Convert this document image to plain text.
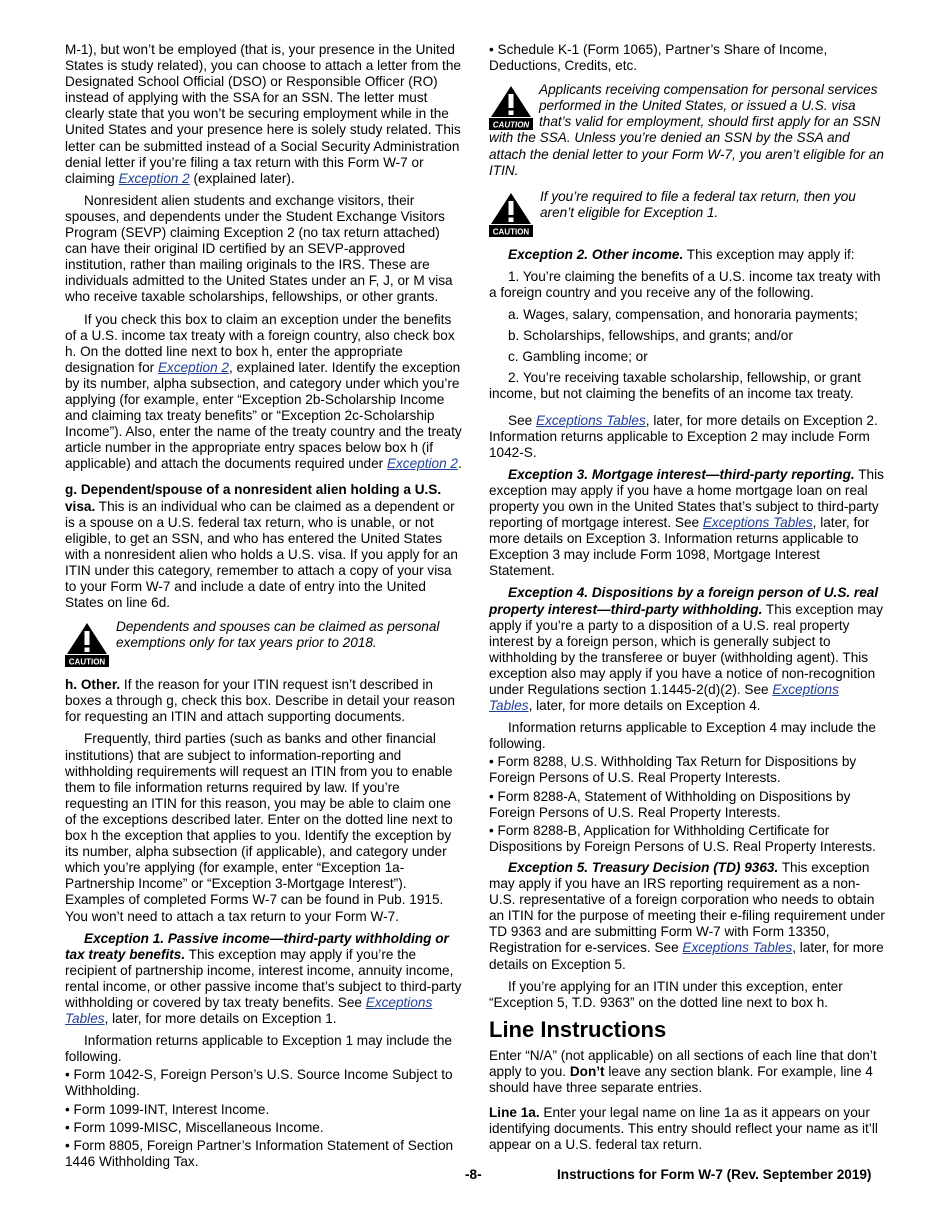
M-1), but won’t be employed (that is, your presence in the United States is study related), you can choose to attach a letter from the Designated School Official (DSO) or Responsible Officer (RO) instead of applying with the SSA for an SSN. The letter must clearly state that you won’t be securing employment while in the United States and your presence here is solely study related. This letter can be submitted instead of a Social Security Administration denial letter if you’re filing a tax return with this Form W-7 or claiming Exception 2 (explained later).

Nonresident alien students and exchange visitors, their spouses, and dependents under the Student Exchange Visitors Program (SEVP) claiming Exception 2 (no tax return attached) can have their original ID certified by an SEVP-approved institution, rather than mailing originals to the IRS. These are individuals admitted to the United States under an F, J, or M visa who receive taxable scholarships, fellowships, or other grants.

If you check this box to claim an exception under the benefits of a U.S. income tax treaty with a foreign country, also check box h. On the dotted line next to box h, enter the appropriate designation for Exception 2, explained later. Identify the exception by its number, alpha subsection, and category under which you’re applying (for example, enter “Exception 2b-Scholarship Income and claiming tax treaty benefits” or “Exception 2c-Scholarship Income”). Also, enter the name of the treaty country and the treaty article number in the appropriate entry spaces below box h (if applicable) and attach the documents required under Exception 2.

g. Dependent/spouse of a nonresident alien holding a U.S. visa. This is an individual who can be claimed as a dependent or is a spouse on a U.S. federal tax return, who is unable, or not eligible, to get an SSN, and who has entered the United States with a nonresident alien who holds a U.S. visa. If you apply for an ITIN under this category, remember to attach a copy of your visa to your Form W-7 and include a date of entry into the United States on line 6d.

CAUTION
Dependents and spouses can be claimed as personal exemptions only for tax years prior to 2018.

h. Other. If the reason for your ITIN request isn’t described in boxes a through g, check this box. Describe in detail your reason for requesting an ITIN and attach supporting documents.

Frequently, third parties (such as banks and other financial institutions) that are subject to information-reporting and withholding requirements will request an ITIN from you to enable them to file information returns required by law. If you’re requesting an ITIN for this reason, you may be able to claim one of the exceptions described later. Enter on the dotted line next to box h the exception that applies to you. Identify the exception by its number, alpha subsection (if applicable), and category under which you’re applying (for example, enter “Exception 1a-Partnership Income” or “Exception 3-Mortgage Interest”). Examples of completed Forms W-7 can be found in Pub. 1915. You won’t need to attach a tax return to your Form W-7.

Exception 1. Passive income—third-party withholding or tax treaty benefits. This exception may apply if you’re the recipient of partnership income, interest income, annuity income, rental income, or other passive income that’s subject to third-party withholding or covered by tax treaty benefits. See Exceptions Tables, later, for more details on Exception 1.

Information returns applicable to Exception 1 may include the following.

• Form 1042-S, Foreign Person’s U.S. Source Income Subject to Withholding.

• Form 1099-INT, Interest Income.

• Form 1099-MISC, Miscellaneous Income.

• Form 8805, Foreign Partner’s Information Statement of Section 1446 Withholding Tax.

• Schedule K-1 (Form 1065), Partner’s Share of Income, Deductions, Credits, etc.

CAUTION
Applicants receiving compensation for personal services performed in the United States, or issued a U.S. visa that’s valid for employment, should first apply for an SSN with the SSA. Unless you’re denied an SSN by the SSA and attach the denial letter to your Form W-7, you aren’t eligible for an ITIN.
CAUTION
If you’re required to file a federal tax return, then you aren’t eligible for Exception 1.

Exception 2. Other income. This exception may apply if:

1. You’re claiming the benefits of a U.S. income tax treaty with a foreign country and you receive any of the following.

a. Wages, salary, compensation, and honoraria payments;

b. Scholarships, fellowships, and grants; and/or

c. Gambling income; or

2. You’re receiving taxable scholarship, fellowship, or grant income, but not claiming the benefits of an income tax treaty.

See Exceptions Tables, later, for more details on Exception 2. Information returns applicable to Exception 2 may include Form 1042-S.

Exception 3. Mortgage interest—third-party reporting. This exception may apply if you have a home mortgage loan on real property you own in the United States that’s subject to third-party reporting of mortgage interest. See Exceptions Tables, later, for more details on Exception 3. Information returns applicable to Exception 3 may include Form 1098, Mortgage Interest Statement.

Exception 4. Dispositions by a foreign person of U.S. real property interest—third-party withholding. This exception may apply if you’re a party to a disposition of a U.S. real property interest by a foreign person, which is generally subject to withholding by the transferee or buyer (withholding agent). This exception also may apply if you have a notice of non-recognition under Regulations section 1.1445-2(d)(2). See Exceptions Tables, later, for more details on Exception 4.

Information returns applicable to Exception 4 may include the following.

• Form 8288, U.S. Withholding Tax Return for Dispositions by Foreign Persons of U.S. Real Property Interests.

• Form 8288-A, Statement of Withholding on Dispositions by Foreign Persons of U.S. Real Property Interests.

• Form 8288-B, Application for Withholding Certificate for Dispositions by Foreign Persons of U.S. Real Property Interests.

Exception 5. Treasury Decision (TD) 9363. This exception may apply if you have an IRS reporting requirement as a non-U.S. representative of a foreign corporation who needs to obtain an ITIN for the purpose of meeting their e-filing requirement under TD 9363 and are submitting Form W-7 with Form 13350, Registration for e-services. See Exceptions Tables, later, for more details on Exception 5.

If you’re applying for an ITIN under this exception, enter “Exception 5, T.D. 9363” on the dotted line next to box h.

Line Instructions

Enter “N/A” (not applicable) on all sections of each line that don’t apply to you. Don’t leave any section blank. For example, line 4 should have three separate entries.

Line 1a. Enter your legal name on line 1a as it appears on your identifying documents. This entry should reflect your name as it’ll appear on a U.S. federal tax return.

-8-	Instructions for Form W-7 (Rev. September 2019)
